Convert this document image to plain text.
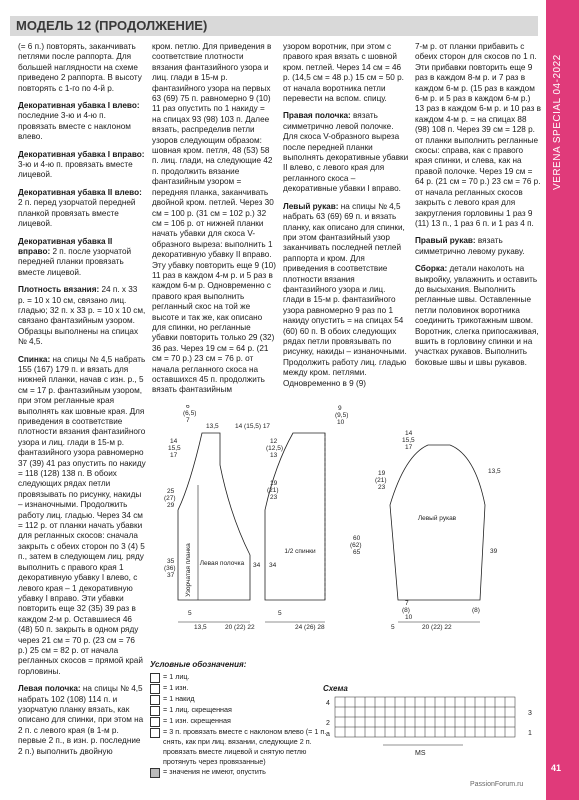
МОДЕЛЬ 12 (ПРОДОЛЖЕНИЕ)
VERENA SPECIAL 04-2022
41

(= 6 п.) повторять, заканчивать петлями после раппорта. Для большей наглядности на схеме приведено 2 раппорта. В высоту повторять с 1-го по 4-й р.

Декоративная убавка I влево: последние 3-ю и 4-ю п. провязать вместе с наклоном влево.

Декоративная убавка I вправо: 3-ю и 4-ю п. провязать вместе лицевой.

Декоративная убавка II влево: 2 п. перед узорчатой передней планкой провязать вместе лицевой.

Декоративная убавка II вправо: 2 п. после узорчатой передней планки провязать вместе лицевой.

Плотность вязания: 24 п. х 33 р. = 10 х 10 см, связано лиц. гладью; 32 п. х 33 р. = 10 х 10 см, связано фантазийным узором. Образцы выполнены на спицах № 4,5.

Спинка: на спицы № 4,5 набрать 155 (167) 179 п. и вязать для нижней планки, начав с изн. р., 5 см = 17 р. фантазийным узором, при этом регланные края выполнять как шовные края. Для приведения в соответствие плотности вязания фантазийного узора и лиц. глади в 15-м р. фантазийного узора равномерно 37 (39) 41 раз опустить по накиду = 118 (128) 138 п. В обоих следующих рядах петли провязывать по рисунку, накиды – изнаночными. Продолжить работу лиц. гладью. Через 34 см = 112 р. от планки начать убавки для регланных скосов: сначала закрыть с обеих сторон по 3 (4) 5 п., затем в следующем лиц. ряду выполнить с правого края 1 декоративную убавку I влево, с левого края – 1 декоративную убавку I вправо. Эти убавки повторить еще 32 (35) 39 раз в каждом 2-м р. Оставшиеся 46 (48) 50 п. закрыть в одном ряду через 21 см = 70 р. (23 см = 76 р.) 25 см = 82 р. от начала регланных скосов = прямой край горловины.

Левая полочка: на спицы № 4,5 набрать 102 (108) 114 п. и узорчатую планку вязать, как описано для спинки, при этом на 2 п. с левого края (в 1-м р. первые 2 п., в изн. р. последние 2 п.) выполнить двойную

кром. петлю. Для приведения в соответствие плотности вязания фантазийного узора и лиц. глади в 15-м р. фантазийного узора на первых 63 (69) 75 п. равномерно 9 (10) 11 раз опустить по 1 накиду = на спицах 93 (98) 103 п. Далее вязать, распределив петли узоров следующим образом: шовная кром. петля, 48 (53) 58 п. лиц. глади, на следующие 42 п. продолжить вязание фантазийным узором = передняя планка, заканчивать двойной кром. петлей. Через 30 см = 100 р. (31 см = 102 р.) 32 см = 106 р. от нижней планки начать убавки для скоса V-образного выреза: выполнить 1 декоративную убавку II вправо. Эту убавку повторить еще 9 (10) 11 раз в каждом 4-м р. и 5 раз в каждом 6-м р. Одновременно с правого края выполнить регланный скос на той же высоте и так же, как описано для спинки, но регланные убавки повторить только 29 (32) 36 раз. Через 19 см = 64 р. (21 см = 70 р.) 23 см = 76 р. от начала регланного скоса на оставшихся 45 п. продолжить вязать фантазийным

узором воротник, при этом с правого края вязать с шовной кром. петлей. Через 14 см = 46 р. (14,5 см = 48 р.) 15 см = 50 р. от начала воротника петли перевести на вспом. спицу.

Правая полочка: вязать симметрично левой полочке. Для скоса V-образного выреза после передней планки выполнять декоративные убавки II влево, с левого края для регланного скоса – декоративные убавки I вправо.

Левый рукав: на спицы № 4,5 набрать 63 (69) 69 п. и вязать планку, как описано для спинки, при этом фантазийный узор заканчивать последней петлей раппорта и кром. Для приведения в соответствие плотности вязания фантазийного узора и лиц. глади в 15-м р. фантазийного узора равномерно 9 раз по 1 накиду опустить = на спицах 54 (60) 60 п. В обоих следующих рядах петли провязывать по рисунку, накиды – изнаночными. Продолжить работу лиц. гладью между кром. петлями. Одновременно в 9 (9)

7-м р. от планки прибавить с обеих сторон для скосов по 1 п. Эти прибавки повторить еще 9 раз в каждом 8-м р. и 7 раз в каждом 6-м р. (15 раз в каждом 6-м р. и 5 раз в каждом 6-м р.) 13 раз в каждом 6-м р. и 10 раз в каждом 4-м р. = на спицах 88 (98) 108 п. Через 39 см = 128 р. от планки выполнить регланные скосы: справа, как с правого края спинки, и слева, как на правой полочке. Через 19 см = 64 р. (21 см = 70 р.) 23 см = 76 р. от начала регланных скосов закрыть с левого края для закругления горловины 1 раз 9 (11) 13 п., 1 раз 6 п. и 1 раз 4 п.

Правый рукав: вязать симметрично левому рукаву.

Сборка: детали наколоть на выкройку, увлажнить и оставить до высыхания. Выполнить регланные швы. Оставленные петли половинок воротника соединить трикотажным швом. Воротник, слегка припосаживая, вшить в горловину спинки и на участках рукавов. Выполнить боковые швы и швы рукавов.

Левая полочка
Узорчатая планка	1/2 спинки
Левый рукав
6
(6,5)
7
13,5
14
15,5
17
14 (15,5) 17
9
(9,5)
10
12
(12,5)
13
19
(21)
23
25
(27)
29
35
(36)
37
34 34
60
(62)
65
14
15,5
17
19
(21)
23
13,5
39
5
13,5	20 (22) 22
5
24 (26) 28
7
(8)
10
5	20 (22) 22
(8)
Условные обозначения:
= 1 лиц.
= 1 изн.
= 1 накид
= 1 лиц. скрещенная
= 1 изн. скрещенная
= 3 п. провязать вместе с наклоном влево (= 1 п. снять, как при лиц. вязании, следующие 2 п. провязать вместе лицевой и снятую петлю протянуть через провязанные)
= значения не имеют, опустить
Схема
4
2
а
3
1
MS
PassionForum.ru
